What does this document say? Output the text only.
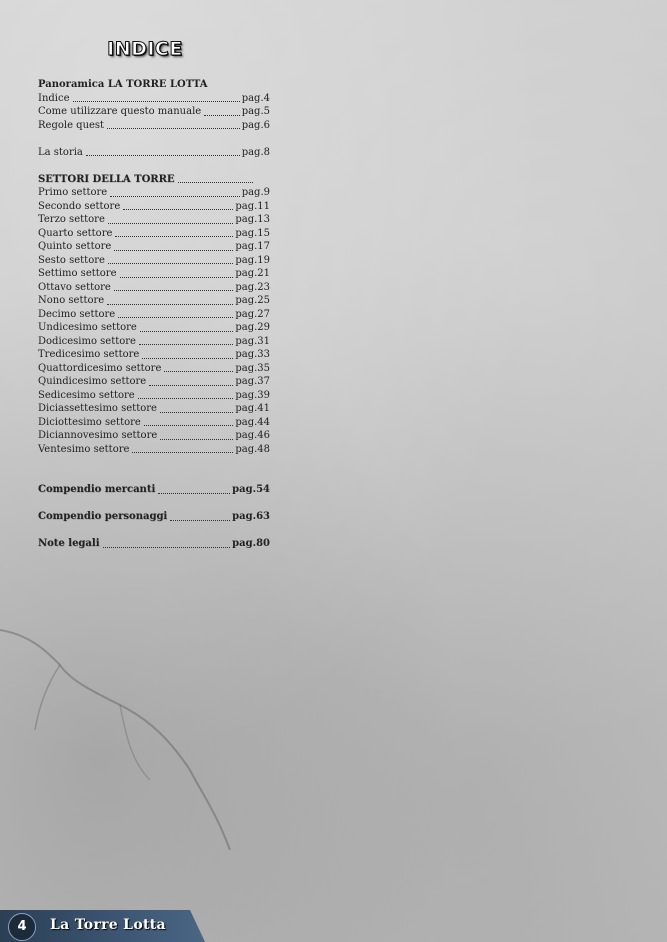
INDICE
Panoramica LA TORRE LOTTA
Indice	pag.4
Come utilizzare questo manuale	pag.5
Regole quest	pag.6
La storia	pag.8
SETTORI DELLA TORRE
Primo settore	pag.9
Secondo settore	pag.11
Terzo settore	pag.13
Quarto settore	pag.15
Quinto settore	pag.17
Sesto settore	pag.19
Settimo settore	pag.21
Ottavo settore	pag.23
Nono settore	pag.25
Decimo settore	pag.27
Undicesimo settore	pag.29
Dodicesimo settore	pag.31
Tredicesimo settore	pag.33
Quattordicesimo settore	pag.35
Quindicesimo settore	pag.37
Sedicesimo settore	pag.39
Diciassettesimo settore	pag.41
Diciottesimo settore	pag.44
Diciannovesimo settore	pag.46
Ventesimo settore	pag.48
Compendio mercanti	pag.54
Compendio personaggi	pag.63
Note legali	pag.80
4	La Torre Lotta
